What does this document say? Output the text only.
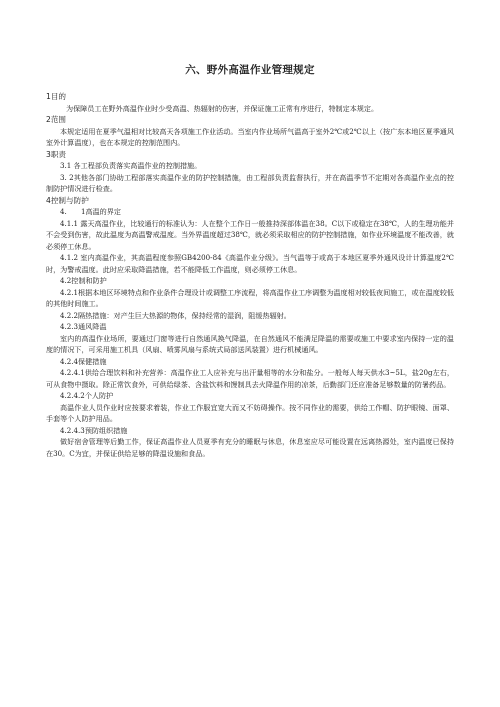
六、野外高温作业管理规定
1目的

为保障员工在野外高温作业时少受高温、热辐射的伤害，并保证施工正常有序进行，特制定本规定。

2范围

本规定适用在夏季气温相对比较高天各项施工作业活动。当室内作业场所气温高于室外2℃或2℃以上（按广东本地区夏季通风室外计算温度），也在本规定的控制范围内。

3职责

3.1 各工程部负责落实高温作业的控制措施。

3. 2其他各部门协助工程部落实高温作业的防护控制措施，由工程部负责监督执行，并在高温季节不定期对各高温作业点的控制防护情况进行检查。

4控制与防护

4.　　1高温的界定

4.1.1 露天高温作业，比较通行的标准认为：人在整个工作日一般推持深部体温在38。C以下或稳定在38℃，人的生理功能并不会受到伤害，故此温度为高温警戒温度。当外界温度超过38℃，就必须采取相应的防护控制措施，如作业环境温度不能改善，就必须停工休息。

4.1.2 室内高温作业，其高温程度参照GB4200-84《高温作业分级》。当气温等于或高于本地区夏季外通风设计计算温度2℃时，为警戒温度。此时应采取降温措施，若不能降低工作温度，则必须停工休息。

4.2控制和防护

4.2.1根据本地区环境特点和作业条件合理设计或调整工序流程，将高温作业工序调整为温度相对较低夜间施工，或在温度较低的其他时间施工。

4.2.2隔热措施：对产生巨大热源的物体，保持经常的湿润，阻缓热辐射。

4.2.3通风降温

室内的高温作业场所，要通过门窗等进行自然通风换气降温，在自然通风不能满足降温的需要或施工中要求室内保持一定的温度的情况下，可采用施工机具（风扇、喷雾风扇与系统式局部送风装置）进行机械通风。

4.2.4保健措施

4.2.4.1供给合理饮料和补充营养：高温作业工人应补充与出汗量相等的水分和盐分。一般每人每天供水3~5L，盐20g左右，可从食物中摄取。除正常饮食外，可供给绿茶、含盐饮料和馒制具去火降温作用的凉茶，后勤部门还应准备足够数量的防暑药品。

4.2.4.2个人防护

高温作业人员作业时应按要求着装，作业工作服宜宽大而又不妨碍操作。按不同作业的需要，供给工作帽、防护眼镜、面罩、手套等个人防护用品。

4.2.4.3预防组织措施

做好宿舍管理等后勤工作，保证高温作业人员夏季有充分的睡眠与休息，休息室应尽可能设置在远离热源处，室内温度已保持在30。C为宜，并保证供给足够的降温设施和食品。
